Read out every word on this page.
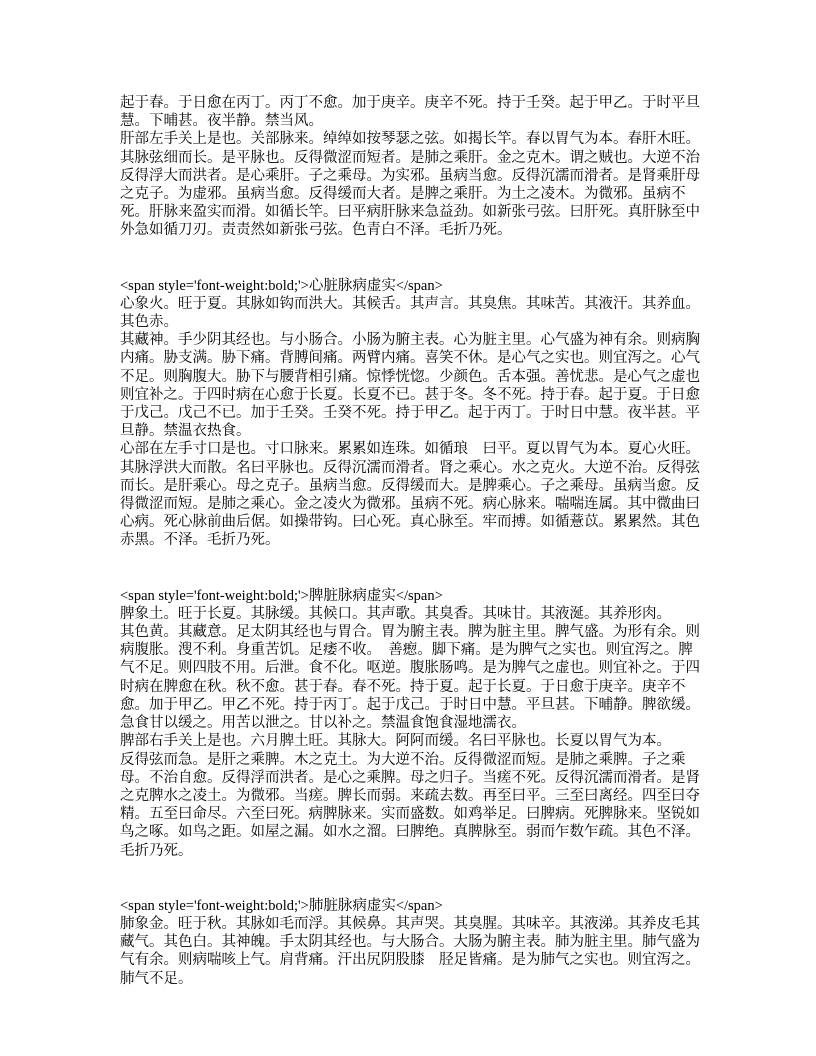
起于春。于日愈在丙丁。丙丁不愈。加于庚辛。庚辛不死。持于壬癸。起于甲乙。于时平旦慧。下晡甚。夜半静。禁当风。

肝部左手关上是也。关部脉来。绰绰如按琴瑟之弦。如揭长竿。春以胃气为本。春肝木旺。

其脉弦细而长。是平脉也。反得微涩而短者。是肺之乘肝。金之克木。谓之贼也。大逆不治反得浮大而洪者。是心乘肝。子之乘母。为实邪。虽病当愈。反得沉濡而滑者。是肾乘肝母之克子。为虚邪。虽病当愈。反得缓而大者。是脾之乘肝。为土之凌木。为微邪。虽病不死。肝脉来盈实而滑。如循长竿。曰平病肝脉来急益劲。如新张弓弦。曰肝死。真肝脉至中外急如循刀刃。责责然如新张弓弦。色青白不泽。毛折乃死。

<span style='font-weight:bold;'>心脏脉病虚实</span>

心象火。旺于夏。其脉如钩而洪大。其候舌。其声言。其臭焦。其味苦。其液汗。其养血。其色赤。

其藏神。手少阴其经也。与小肠合。小肠为腑主表。心为脏主里。心气盛为神有余。则病胸内痛。胁支满。胁下痛。背膊间痛。两臂内痛。喜笑不休。是心气之实也。则宜泻之。心气不足。则胸腹大。胁下与腰背相引痛。惊悸恍惚。少颜色。舌本强。善忧悲。是心气之虚也则宜补之。于四时病在心愈于长夏。长夏不已。甚于冬。冬不死。持于春。起于夏。于日愈于戊己。戊己不已。加于壬癸。壬癸不死。持于甲乙。起于丙丁。于时日中慧。夜半甚。平旦静。禁温衣热食。

心部在左手寸口是也。寸口脉来。累累如连珠。如循琅　曰平。夏以胃气为本。夏心火旺。

其脉浮洪大而散。名曰平脉也。反得沉濡而滑者。肾之乘心。水之克火。大逆不治。反得弦而长。是肝乘心。母之克子。虽病当愈。反得缓而大。是脾乘心。子之乘母。虽病当愈。反得微涩而短。是肺之乘心。金之凌火为微邪。虽病不死。病心脉来。喘喘连属。其中微曲曰心病。死心脉前曲后倨。如操带钩。曰心死。真心脉至。牢而搏。如循薏苡。累累然。其色赤黑。不泽。毛折乃死。

<span style='font-weight:bold;'>脾脏脉病虚实</span>

脾象土。旺于长夏。其脉缓。其候口。其声歌。其臭香。其味甘。其液涎。其养形肉。

其色黄。其藏意。足太阴其经也与胃合。胃为腑主表。脾为脏主里。脾气盛。为形有余。则病腹胀。溲不利。身重苦饥。足痿不收。　善瘛。脚下痛。是为脾气之实也。则宜泻之。脾气不足。则四肢不用。后泄。食不化。呕逆。腹胀肠鸣。是为脾气之虚也。则宜补之。于四时病在脾愈在秋。秋不愈。甚于春。春不死。持于夏。起于长夏。于日愈于庚辛。庚辛不愈。加于甲乙。甲乙不死。持于丙丁。起于戊己。于时日中慧。平旦甚。下晡静。脾欲缓。急食甘以缓之。用苦以泄之。甘以补之。禁温食饱食湿地濡衣。

脾部右手关上是也。六月脾土旺。其脉大。阿阿而缓。名曰平脉也。长夏以胃气为本。

反得弦而急。是肝之乘脾。木之克土。为大逆不治。反得微涩而短。是肺之乘脾。子之乘母。不治自愈。反得浮而洪者。是心之乘脾。母之归子。当瘥不死。反得沉濡而滑者。是肾之克脾水之凌土。为微邪。当瘥。脾长而弱。来疏去数。再至曰平。三至曰离经。四至曰夺精。五至曰命尽。六至曰死。病脾脉来。实而盛数。如鸡举足。曰脾病。死脾脉来。坚锐如鸟之啄。如鸟之距。如屋之漏。如水之溜。曰脾绝。真脾脉至。弱而乍数乍疏。其色不泽。毛折乃死。

<span style='font-weight:bold;'>肺脏脉病虚实</span>

肺象金。旺于秋。其脉如毛而浮。其候鼻。其声哭。其臭腥。其味辛。其液涕。其养皮毛其藏气。其色白。其神魄。手太阴其经也。与大肠合。大肠为腑主表。肺为脏主里。肺气盛为气有余。则病喘咳上气。肩背痛。汗出尻阴股膝　胫足皆痛。是为肺气之实也。则宜泻之。肺气不足。
